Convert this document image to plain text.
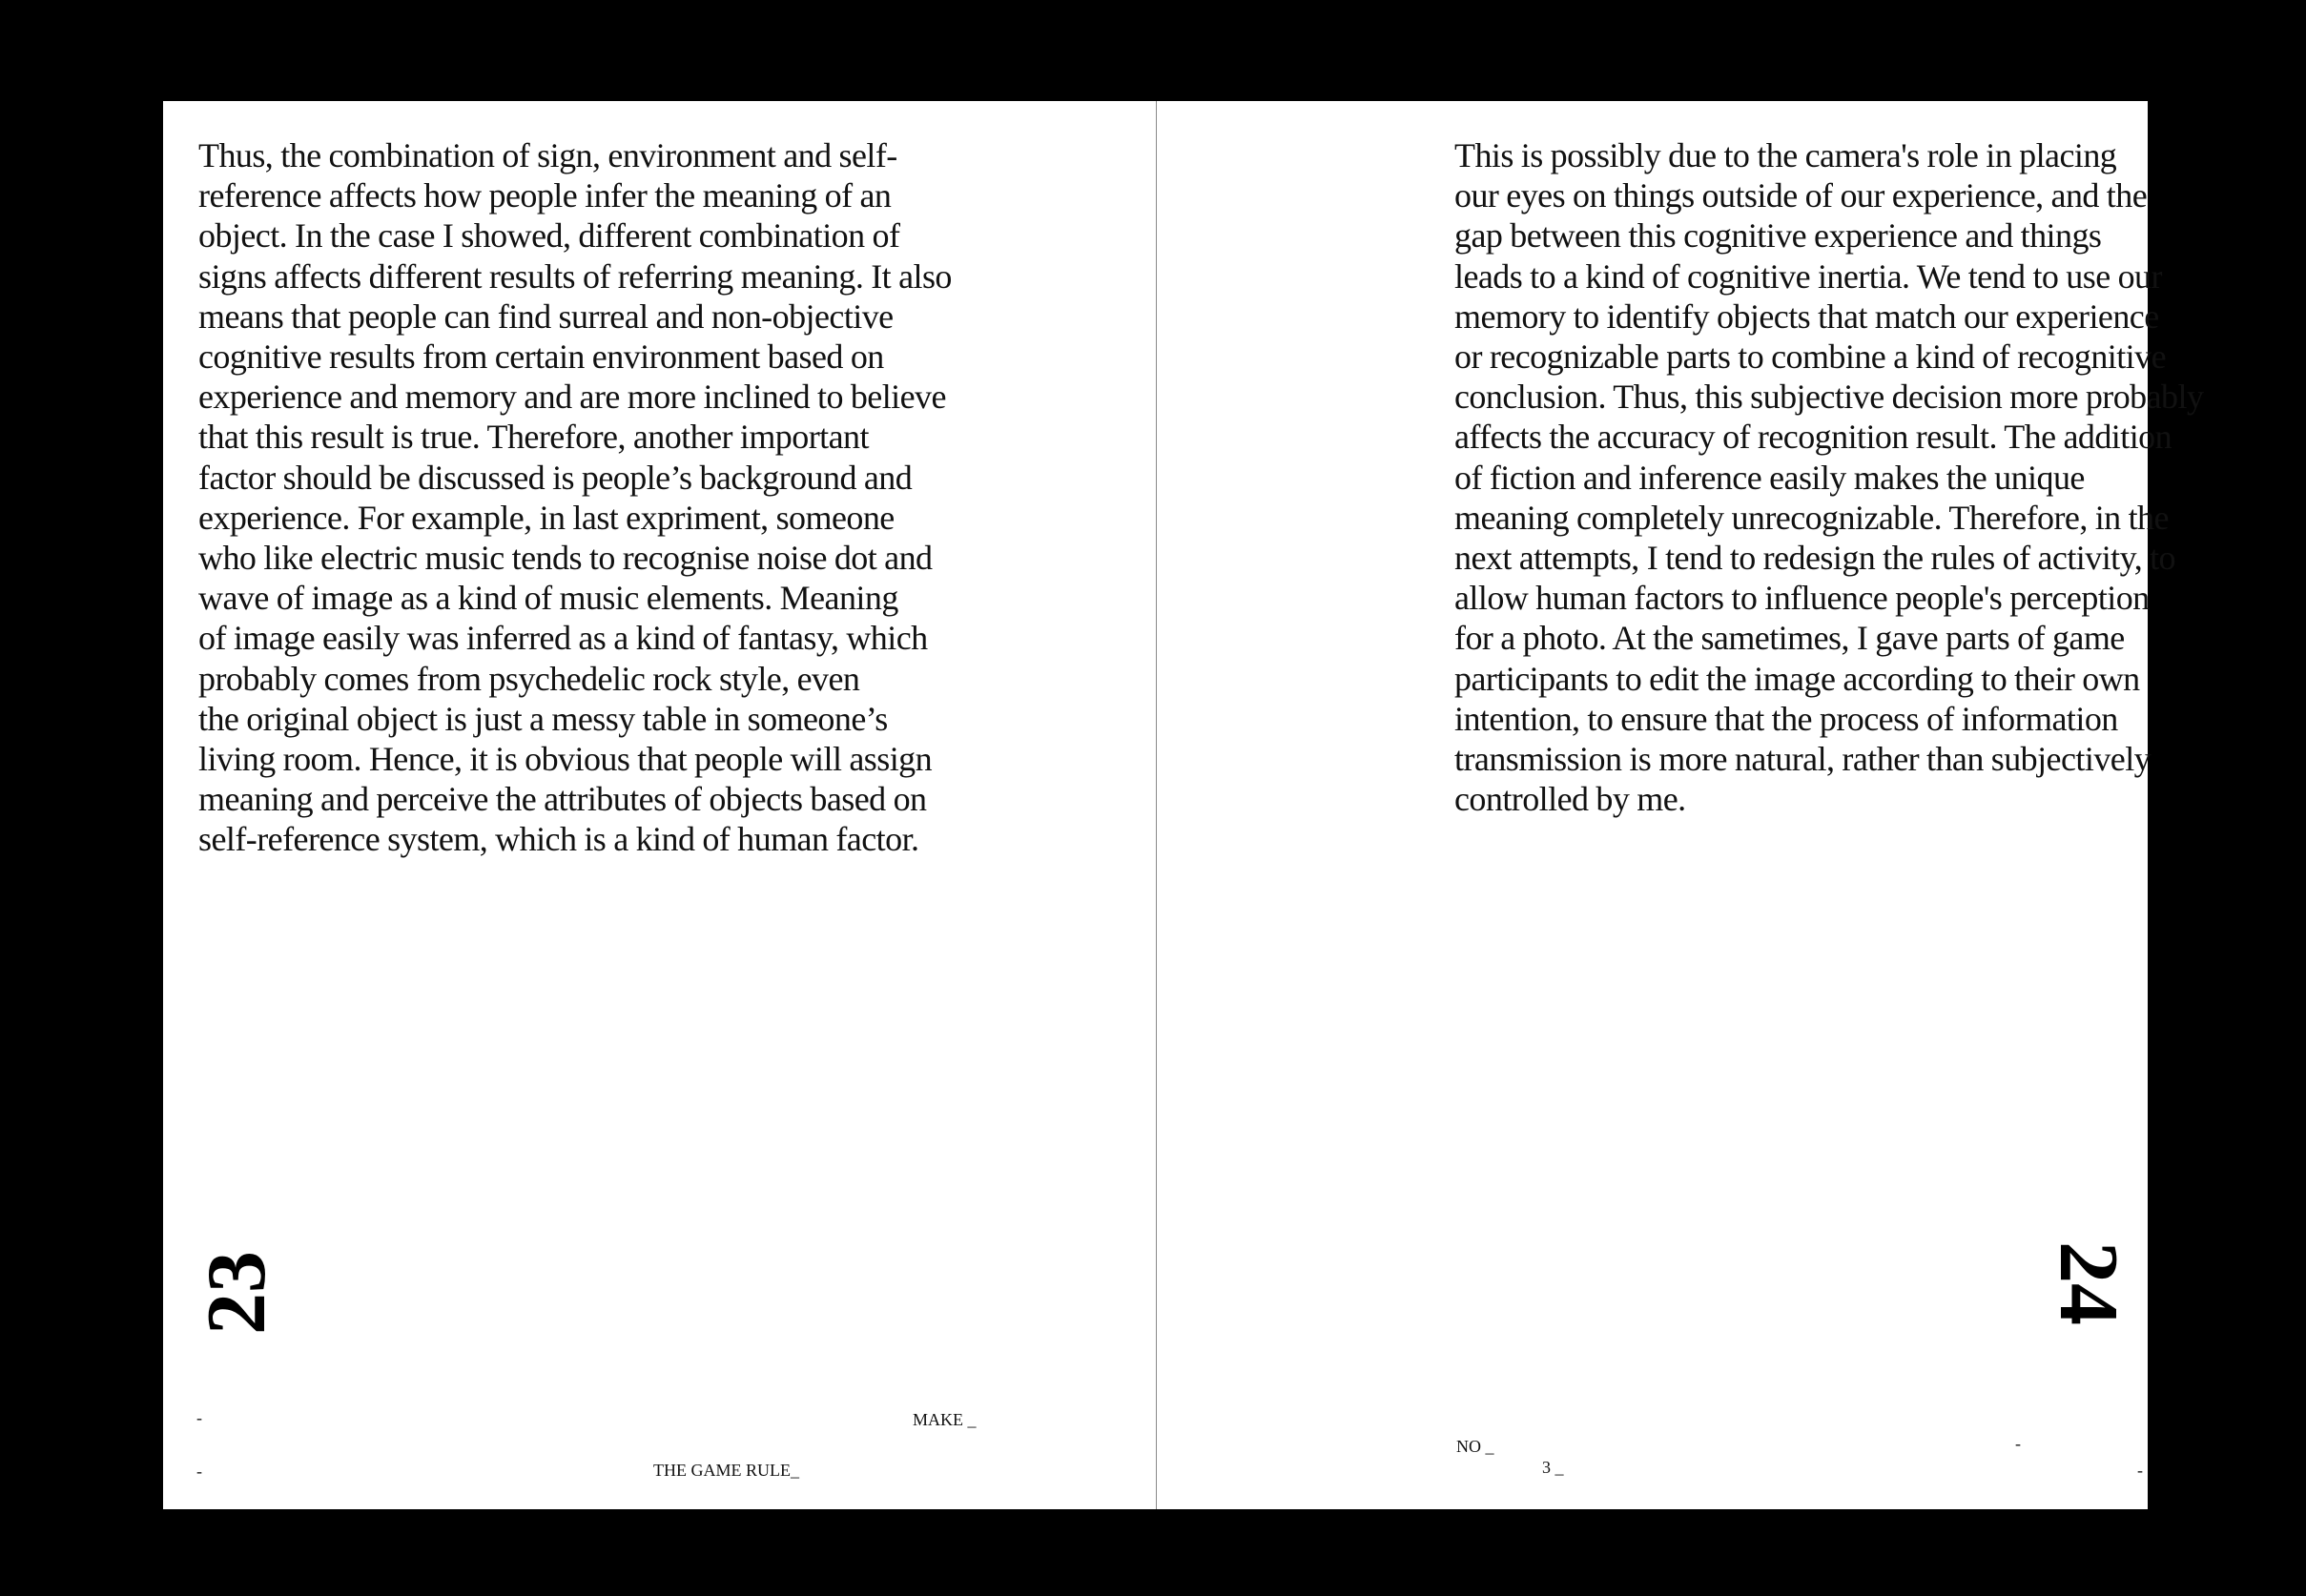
Thus, the combination of sign, environment and self-
reference affects how people infer the meaning of an
object. In the case I showed, different combination of
signs affects different results of referring meaning. It also
means that people can find surreal and non-objective
cognitive results from certain environment based on
experience and memory and are more inclined to believe
that this result is true. Therefore, another important
factor should be discussed is people’s background and
experience. For example, in last expriment, someone
who like electric music tends to recognise noise dot and
wave of image as a kind of music elements. Meaning
of image easily was inferred as a kind of fantasy, which
probably comes from psychedelic rock style, even
the original object is just a messy table in someone’s
living room. Hence, it is obvious that people will assign
meaning and perceive the attributes of objects based on
self-reference system, which is a kind of human factor.

23
-	MAKE _
-	THE GAME RULE_

This is possibly due to the camera's role in placing
our eyes on things outside of our experience, and the
gap between this cognitive experience and things
leads to a kind of cognitive inertia. We tend to use our
memory to identify objects that match our experience
or recognizable parts to combine a kind of recognitive
conclusion. Thus, this subjective decision more probably
affects the accuracy of recognition result. The addition
of fiction and inference easily makes the unique
meaning completely unrecognizable. Therefore, in the
next attempts, I tend to redesign the rules of activity, to
allow human factors to influence people's perception
for a photo. At the sametimes, I gave parts of game
participants to edit the image according to their own
intention, to ensure that the process of information
transmission is more natural, rather than subjectively
controlled by me.

24
NO _
3 _
-
-
